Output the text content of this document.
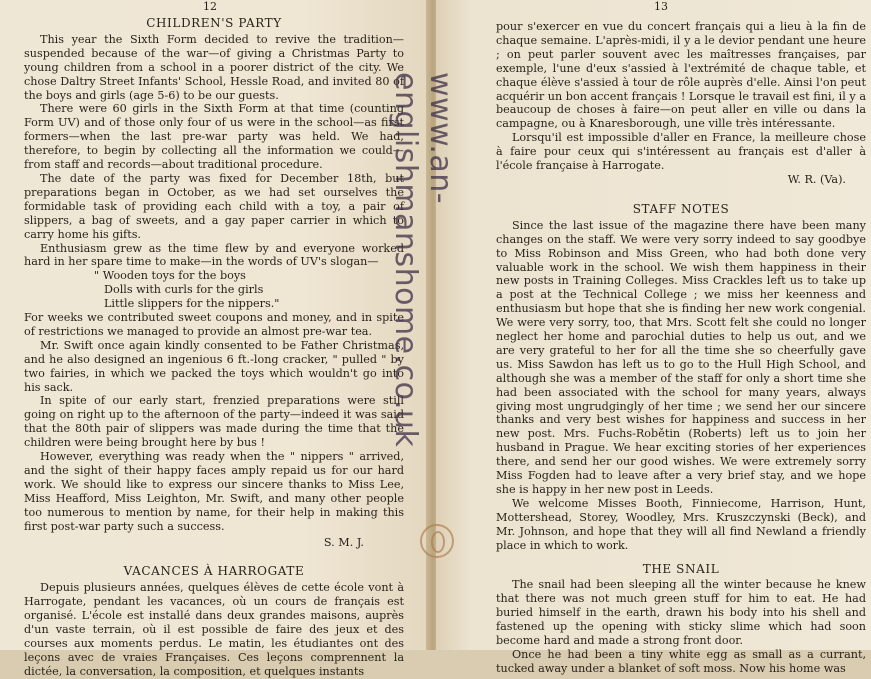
12
CHILDREN'S PARTY

This year the Sixth Form decided to revive the tradition—suspended because of the war—of giving a Christmas Party to young children from a school in a poorer district of the city. We chose Daltry Street Infants' School, Hessle Road, and invited 80 of the boys and girls (age 5-6) to be our guests.

There were 60 girls in the Sixth Form at that time (counting Form UV) and of those only four of us were in the school—as first formers—when the last pre-war party was held. We had, therefore, to begin by collecting all the information we could—from staff and records—about traditional procedure.

The date of the party was fixed for December 18th, but preparations began in October, as we had set ourselves the formidable task of providing each child with a toy, a pair of slippers, a bag of sweets, and a gay paper carrier in which to carry home his gifts.

Enthusiasm grew as the time flew by and everyone worked hard in her spare time to make—in the words of UV's slogan—

" Wooden toys for the boys
Dolls with curls for the girls
Little slippers for the nippers."

For weeks we contributed sweet coupons and money, and in spite of restrictions we managed to provide an almost pre-war tea.

Mr. Swift once again kindly consented to be Father Christmas, and he also designed an ingenious 6 ft.-long cracker, " pulled " by two fairies, in which we packed the toys which wouldn't go into his sack.

In spite of our early start, frenzied preparations were still going on right up to the afternoon of the party—indeed it was said that the 80th pair of slippers was made during the time that the children were being brought here by bus !

However, everything was ready when the " nippers " arrived, and the sight of their happy faces amply repaid us for our hard work. We should like to express our sincere thanks to Miss Lee, Miss Heafford, Miss Leighton, Mr. Swift, and many other people too numerous to mention by name, for their help in making this first post-war party such a success.

S. M. J.
VACANCES À HARROGATE

Depuis plusieurs années, quelques élèves de cette école vont à Harrogate, pendant les vacances, où un cours de français est organisé. L'école est installé dans deux grandes maisons, auprès d'un vaste terrain, où il est possible de faire des jeux et des courses aux moments perdus. Le matin, les étudiantes ont des leçons avec de vraies Françaises. Ces leçons comprennent la dictée, la conversation, la composition, et quelques instants

13

pour s'exercer en vue du concert français qui a lieu à la fin de chaque semaine. L'après-midi, il y a le devior pendant une heure ; on peut parler souvent avec les maîtresses françaises, par exemple, l'une d'eux s'assied à l'extrémité de chaque table, et chaque élève s'assied à tour de rôle auprès d'elle. Ainsi l'on peut acquérir un bon accent français ! Lorsque le travail est fini, il y a beaucoup de choses à faire—on peut aller en ville ou dans la campagne, ou à Knaresborough, une ville très intéressante.

Lorsqu'il est impossible d'aller en France, la meilleure chose à faire pour ceux qui s'intéressent au français est d'aller à l'école française à Harrogate.

W. R. (Va).
STAFF NOTES

Since the last issue of the magazine there have been many changes on the staff. We were very sorry indeed to say goodbye to Miss Robinson and Miss Green, who had both done very valuable work in the school. We wish them happiness in their new posts in Training Colleges. Miss Crackles left us to take up a post at the Technical College ; we miss her keenness and enthusiasm but hope that she is finding her new work congenial. We were very sorry, too, that Mrs. Scott felt she could no longer neglect her home and parochial duties to help us out, and we are very grateful to her for all the time she so cheerfully gave us. Miss Sawdon has left us to go to the Hull High School, and although she was a member of the staff for only a short time she had been associated with the school for many years, always giving most ungrudgingly of her time ; we send her our sincere thanks and very best wishes for happiness and success in her new post. Mrs. Fuchs-Robětin (Roberts) left us to join her husband in Prague. We hear exciting stories of her experiences there, and send her our good wishes. We were extremely sorry Miss Fogden had to leave after a very brief stay, and we hope she is happy in her new post in Leeds.

We welcome Misses Booth, Finniecome, Harrison, Hunt, Mottershead, Storey, Woodley, Mrs. Kruszczynski (Beck), and Mr. Johnson, and hope that they will all find Newland a friendly place in which to work.

THE SNAIL

The snail had been sleeping all the winter because he knew that there was not much green stuff for him to eat. He had buried himself in the earth, drawn his body into his shell and fastened up the opening with sticky slime which had soon become hard and made a strong front door.

Once he had been a tiny white egg as small as a currant, tucked away under a blanket of soft moss. Now his home was

www.an-englishmanshome.co.uk
